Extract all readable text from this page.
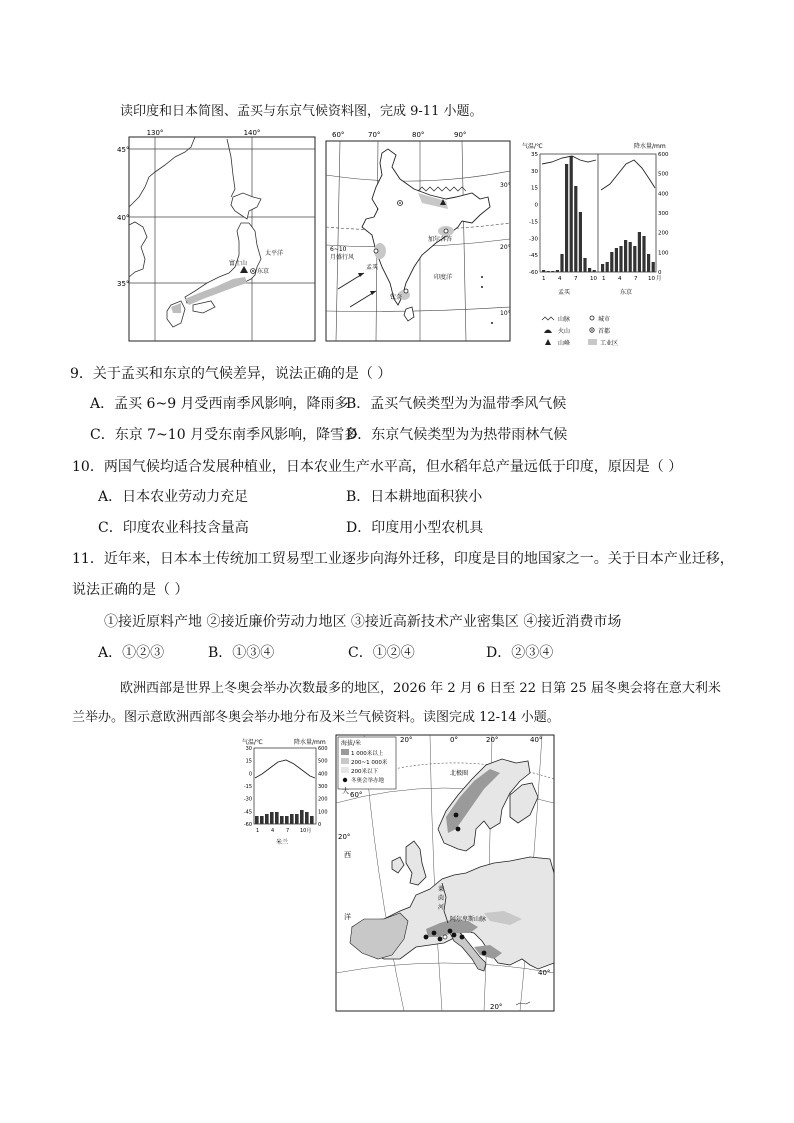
读印度和日本简图、孟买与东京气候资料图，完成 9-11 小题。
130°	140°
45°
40°
35°
太平洋
富士山
东京
60°	70°	80°	90°
30°
20°
10°
加尔各答
孟买
钦奈
6~10
月盛行风
印度洋
气温/℃	降水量/mm
35
30
15
0
-15
-30
-45
-60
600
500
400
300
200
100
0
1 4 7 10 1 4 7 10 月
孟买	东京
山脉	城市
火山	首都
山峰	工业区
9．关于孟买和东京的气候差异，说法正确的是（ ）
A．孟买 6~9 月受西南季风影响，降雨多
B．孟买气候类型为为温带季风气候
C．东京 7~10 月受东南季风影响，降雪多
D．东京气候类型为为热带雨林气候
10．两国气候均适合发展种植业，日本农业生产水平高，但水稻年总产量远低于印度，原因是（ ）
A．日本农业劳动力充足	B．日本耕地面积狭小
C．印度农业科技含量高	D．印度用小型农机具
11．近年来，日本本土传统加工贸易型工业逐步向海外迁移，印度是目的地国家之一。关于日本产业迁移，
说法正确的是（ ）
①接近原料产地 ②接近廉价劳动力地区 ③接近高新技术产业密集区 ④接近消费市场
A．①②③	B．①③④	C．①②④	D．②③④
欧洲西部是世界上冬奥会举办次数最多的地区，2026 年 2 月 6 日至 22 日第 25 届冬奥会将在意大利米
兰举办。图示意欧洲西部冬奥会举办地分布及米兰气候资料。读图完成 12-14 小题。
气温/℃	降水量/mm
30
15
0
-15
-30
-45
-60
600
500
400
300
200
100
0
1 4 7 10月
米兰
20°	0°	20°	40°
20°
60°
20°
40°
北极圈
海拔/米
1 000米以上
200~1 000米
200米以下
冬奥会举办地
莱
茵
河
阿尔卑斯山脉
大
西
洋
